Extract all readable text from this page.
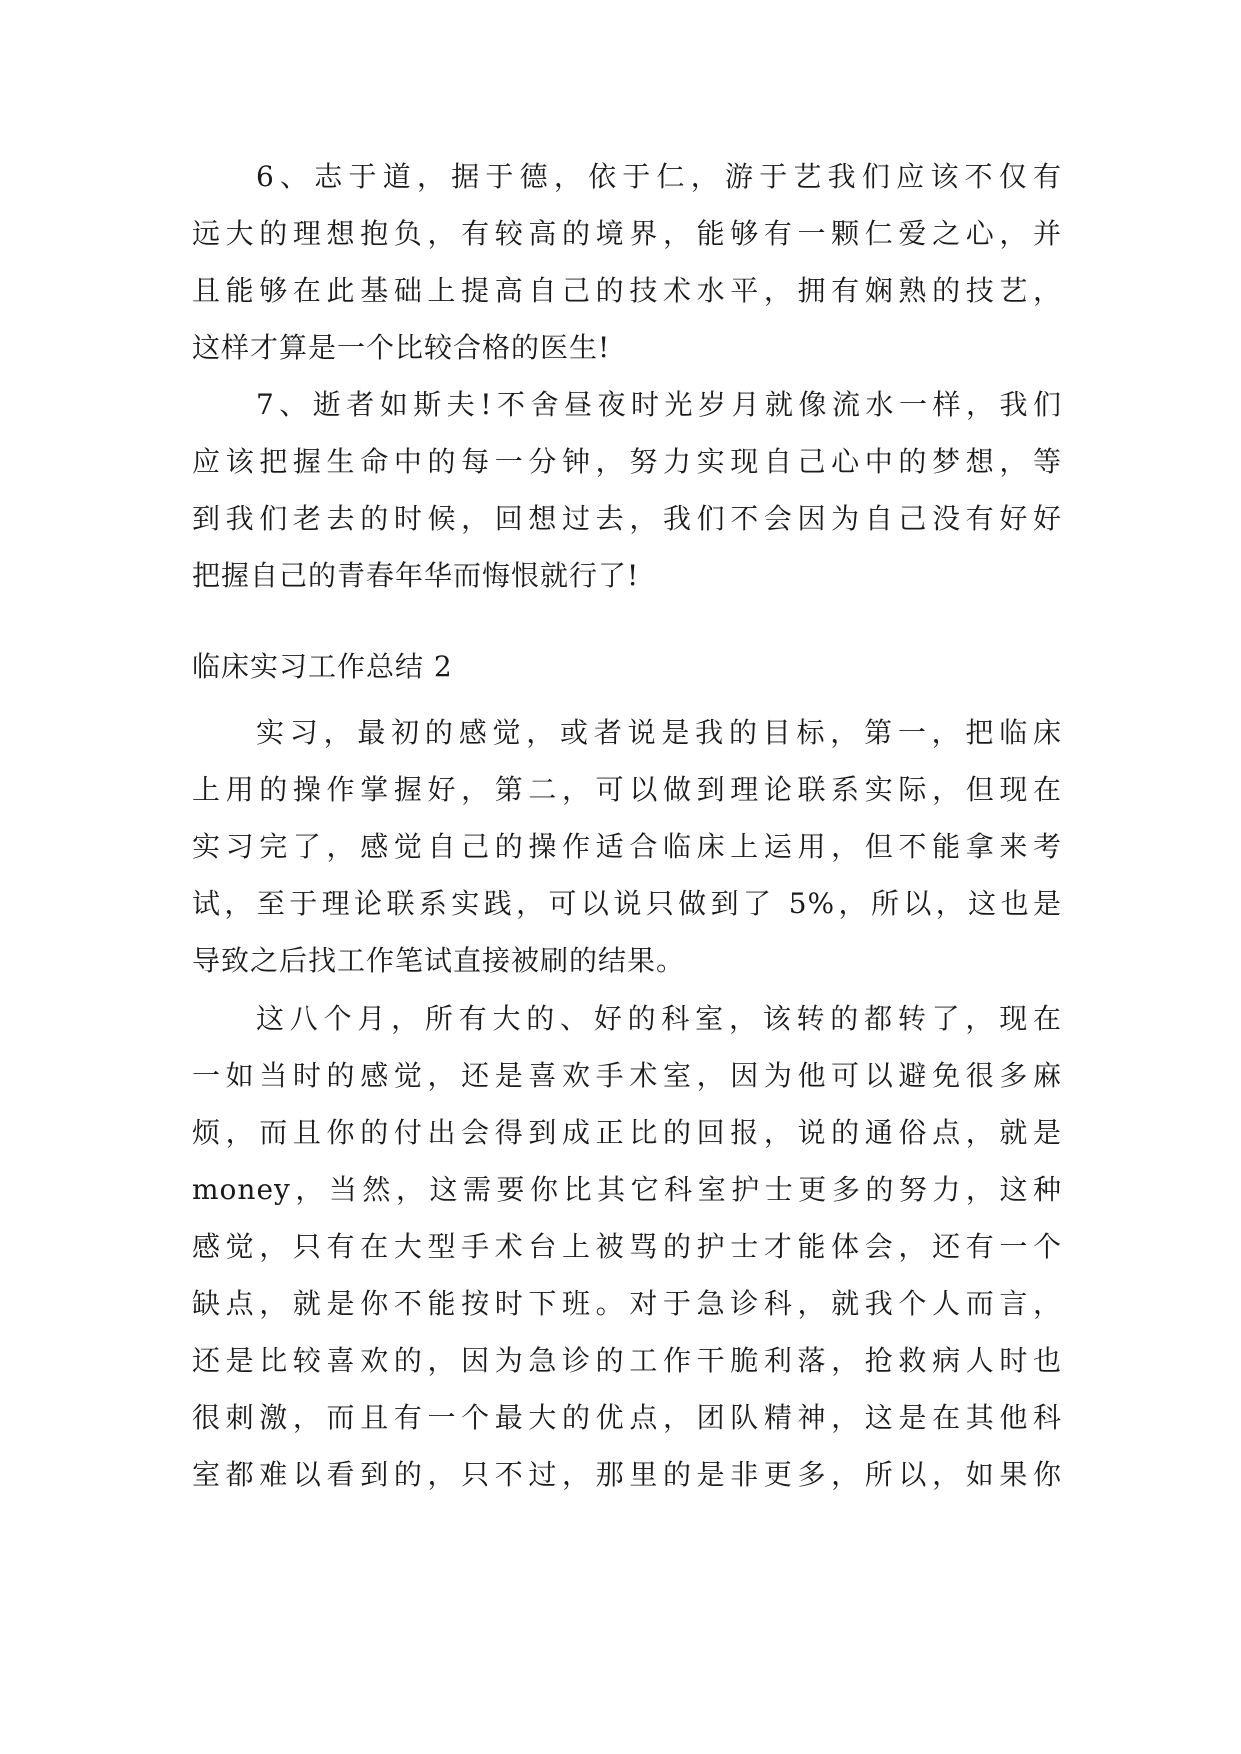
6、志于道，据于德，依于仁，游于艺我们应该不仅有
远大的理想抱负，有较高的境界，能够有一颗仁爱之心，并
且能够在此基础上提高自己的技术水平，拥有娴熟的技艺，
这样才算是一个比较合格的医生!
7、逝者如斯夫!不舍昼夜时光岁月就像流水一样，我们
应该把握生命中的每一分钟，努力实现自己心中的梦想，等
到我们老去的时候，回想过去，我们不会因为自己没有好好
把握自己的青春年华而悔恨就行了!
临床实习工作总结 2
实习，最初的感觉，或者说是我的目标，第一，把临床
上用的操作掌握好，第二，可以做到理论联系实际，但现在
实习完了，感觉自己的操作适合临床上运用，但不能拿来考
试，至于理论联系实践，可以说只做到了 5%，所以，这也是
导致之后找工作笔试直接被刷的结果。
这八个月，所有大的、好的科室，该转的都转了，现在
一如当时的感觉，还是喜欢手术室，因为他可以避免很多麻
烦，而且你的付出会得到成正比的回报，说的通俗点，就是
money，当然，这需要你比其它科室护士更多的努力，这种
感觉，只有在大型手术台上被骂的护士才能体会，还有一个
缺点，就是你不能按时下班。对于急诊科，就我个人而言，
还是比较喜欢的，因为急诊的工作干脆利落，抢救病人时也
很刺激，而且有一个最大的优点，团队精神，这是在其他科
室都难以看到的，只不过，那里的是非更多，所以，如果你
